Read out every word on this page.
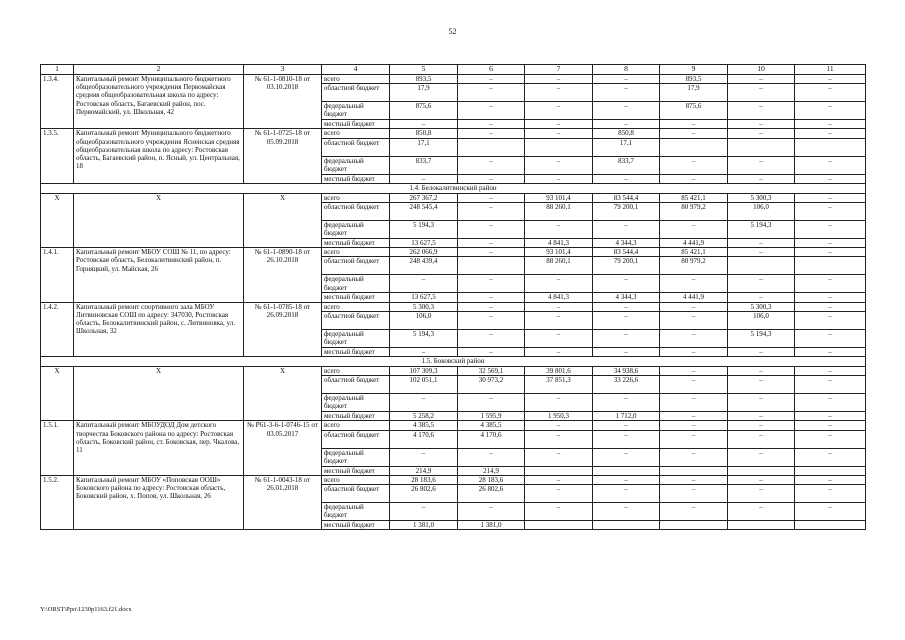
52
1	2	3	4	5	6	7	8	9	10	11
1.3.4.	Капитальный ремонт Муниципального бюджетного общеобразовательного учреждения Первомайская средняя общеобразовательная школа по адресу: Ростовская область, Багаевский район, пос. Первомайский, ул. Школьная, 42	№ 61-1-0810-18 от 03.10.2018	всего	893,5	–	–	–	893,5	–	–
			областной бюджет	17,9	–	–	–	17,9	–	–
			федеральный бюджет	875,6	–	–	–	875,6	–	–
			местный бюджет	–	–	–	–	–	–	–
1.3.5.	Капитальный ремонт Муниципального бюджетного общеобразовательного учреждения Ясненская средняя общеобразовательная школа по адресу: Ростовская область, Багаевский район, п. Ясный, ул. Центральная, 18	№ 61-1-0725-18 от 05.09.2018	всего	850,8	–	–	850,8	–	–	–
			областной бюджет	17,1			17,1			
			федеральный бюджет	833,7	–	–	833,7	–	–	–
			местный бюджет	–	–	–	–	–	–	–
1.4. Белокалитвинский район										
Х	Х	Х	всего	267 367,2	–	93 101,4	83 544,4	85 421,1	5 300,3	–
			областной бюджет	248 545,4	–	88 260,1	79 200,1	80 979,2	106,0	–
			федеральный бюджет	5 194,3	–	–	–	–	5 194,3	–
			местный бюджет	13 627,5	–	4 841,3	4 344,3	4 441,9	–	–
1.4.1.	Капитальный ремонт МБОУ СОШ № 11, по адресу: Ростовская область, Белокалитвинский район, п. Горняцкий, ул. Майская, 26	№ 61-1-0890-18 от 26.10.2018	всего	262 066,9	–	93 101,4	83 544,4	85 421,1	–	–
			областной бюджет	248 439,4		88 260,1	79 200,1	80 979,2		
			федеральный бюджет	–	–	–	–	–	–	–
			местный бюджет	13 627,5	–	4 841,3	4 344,3	4 441,9	–	–
1.4.2.	Капитальный ремонт спортивного зала МБОУ Литвиновская СОШ по адресу: 347030, Ростовская область, Белокалитвинский район, с. Литвиновка, ул. Школьная, 32	№ 61-1-0785-18 от 26.09.2018	всего	5 300,3	–	–	–	–	5 300,3	–
			областной бюджет	106,0	–	–	–	–	106,0	–
			федеральный бюджет	5 194,3	–	–	–	–	5 194,3	–
			местный бюджет	–	–	–	–	–	–	–
1.5. Боковский район										
Х	Х	Х	всего	107 309,3	32 569,1	39 801,6	34 938,6	–	–	–
			областной бюджет	102 051,1	30 973,2	37 851,3	33 226,6	–	–	–
			федеральный бюджет	–	–	–	–	–	–	–
			местный бюджет	5 258,2	1 595,9	1 950,3	1 712,0	–	–	–
1.5.1.	Капитальный ремонт МБОУДОД Дом детского творчества Боковского района по адресу: Ростовская область, Боковский район, ст. Боковская, пер. Чкалова, 11	№ Р61-3-6-1-0746-15 от 03.05.2017	всего	4 385,5	4 385,5	–	–	–	–	–
			областной бюджет	4 170,6	4 170,6	–	–	–	–	–
			федеральный бюджет	–	–	–	–	–	–	–
			местный бюджет	214,9	214,9					
1.5.2.	Капитальный ремонт МБОУ «Поповская ООШ» Боковского района по адресу: Ростовская область, Боковский район, х. Попов, ул. Школьная, 26	№ 61-1-0043-18 от 26.01.2018	всего	28 183,6	28 183,6	–	–	–	–	–
			областной бюджет	26 802,6	26 802,6	–	–	–	–	–
			федеральный бюджет	–	–	–	–	–	–	–
			местный бюджет	1 381,0	1 381,0					
Y:\ORST\Ppo\1230p1163.f21.docx
